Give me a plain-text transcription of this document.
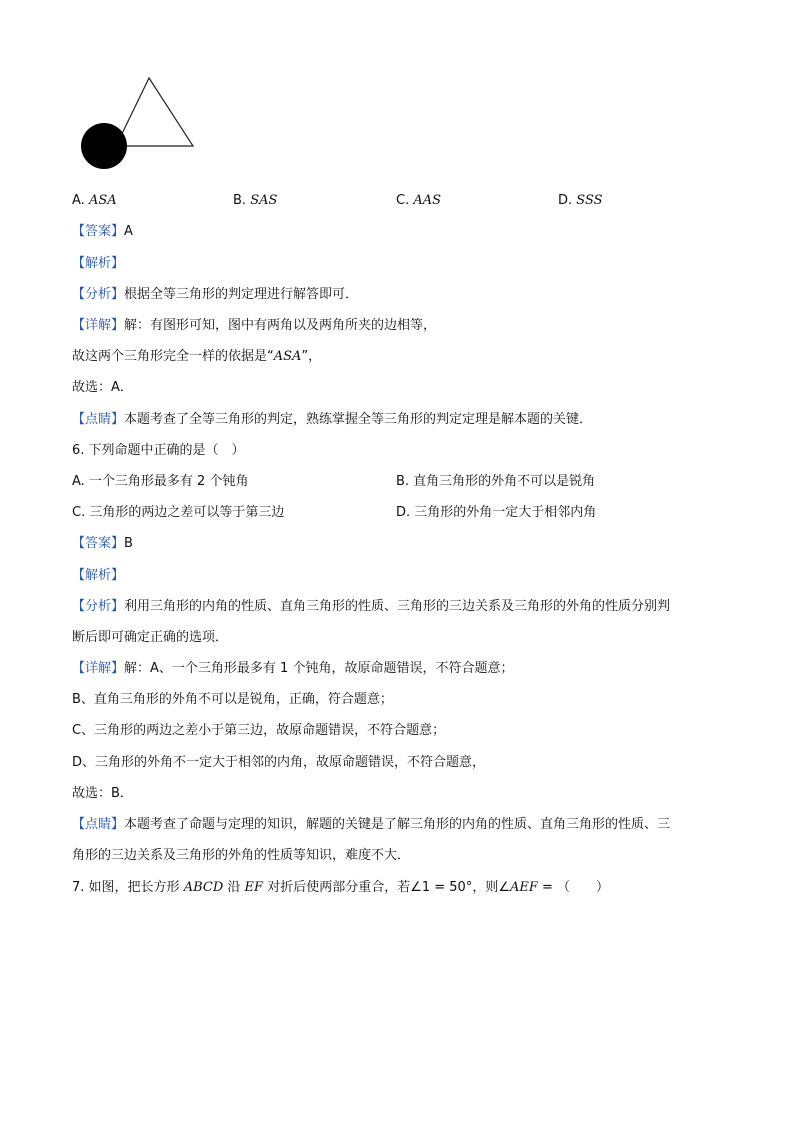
A. ASA	B. SAS	C. AAS	D. SSS
【答案】A
【解析】
【分析】根据全等三角形的判定理进行解答即可．
【详解】解：有图形可知，图中有两角以及两角所夹的边相等，
故这两个三角形完全一样的依据是“ASA”，
故选：A．
【点睛】本题考查了全等三角形的判定，熟练掌握全等三角形的判定定理是解本题的关键．
6. 下列命题中正确的是（　）
A. 一个三角形最多有 2 个钝角	B. 直角三角形的外角不可以是锐角
C. 三角形的两边之差可以等于第三边	D. 三角形的外角一定大于相邻内角
【答案】B
【解析】
【分析】利用三角形的内角的性质、直角三角形的性质、三角形的三边关系及三角形的外角的性质分别判
断后即可确定正确的选项．
【详解】解：A、一个三角形最多有 1 个钝角，故原命题错误，不符合题意；
B、直角三角形的外角不可以是锐角，正确，符合题意；
C、三角形的两边之差小于第三边，故原命题错误，不符合题意；
D、三角形的外角不一定大于相邻的内角，故原命题错误，不符合题意，
故选：B．
【点睛】本题考查了命题与定理的知识，解题的关键是了解三角形的内角的性质、直角三角形的性质、三
角形的三边关系及三角形的外角的性质等知识，难度不大．
7. 如图，把长方形 ABCD 沿 EF 对折后使两部分重合，若∠1 = 50°，则∠AEF = （　　）
